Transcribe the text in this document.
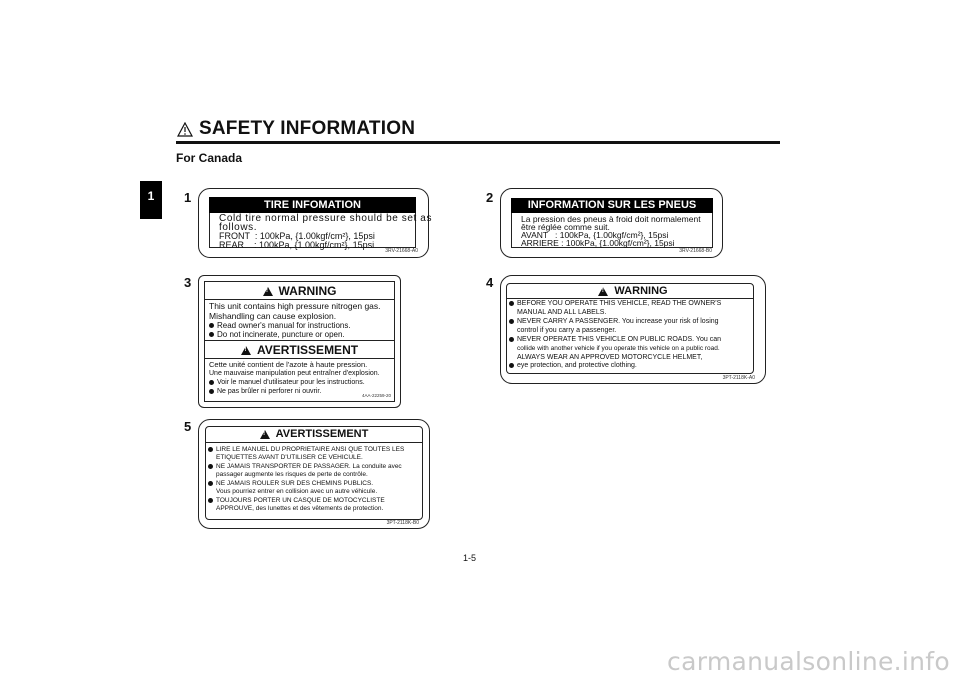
SAFETY INFORMATION
For Canada
1 1	TIRE INFOMATION
Cold tire normal pressure should be set as
follows.
FRONT  : 100kPa, {1.00kgf/cm²}, 15psi
REAR    : 100kPa, {1.00kgf/cm²}, 15psi
3RV-21668-A0
2	INFORMATION SUR LES PNEUS
La pression des pneus à froid doit normalement
être réglée comme suit.
AVANT   : 100kPa, {1.00kgf/cm²}, 15psi
ARRIERE : 100kPa, {1.00kgf/cm²}, 15psi
3RV-21668-B0
3
!
WARNING
This unit contains high pressure nitrogen gas.
Mishandling can cause explosion.
Read owner's manual for instructions.
Do not incinerate, puncture or open.
!
AVERTISSEMENT
Cette unité contient de l'azote à haute pression.
Une mauvaise manipulation peut entraîner d'explosion.
Voir le manuel d'utilisateur pour les instructions.
Ne pas brûler ni perforer ni ouvrir.
4AA-22259-20
4
!
WARNING
BEFORE YOU OPERATE THIS VEHICLE, READ THE OWNER'S
MANUAL AND ALL LABELS.
NEVER CARRY A PASSENGER. You increase your risk of losing
control if you carry a passenger.
NEVER OPERATE THIS VEHICLE ON PUBLIC ROADS. You can
collide with another vehicle if you operate this vehicle on a public road.
ALWAYS WEAR AN APPROVED MOTORCYCLE HELMET,
eye protection, and protective clothing.
3PT-2118K-A0
5
!	AVERTISSEMENT
LIRE LE MANUEL DU PROPRIETAIRE ANSI QUE TOUTES LES
ETIQUETTES AVANT D'UTILISER CE VEHICULE.
NE JAMAIS TRANSPORTER DE PASSAGER. La conduite avec
passager augmente les risques de perte de contrôle.
NE JAMAIS ROULER SUR DES CHEMINS PUBLICS.
Vous pourriez entrer en collision avec un autre véhicule.
TOUJOURS PORTER UN CASQUE DE MOTOCYCLISTE
APPROUVE, des lunettes et des vêtements de protection.
3PT-2118K-B0
1-5
carmanualsonline.info
